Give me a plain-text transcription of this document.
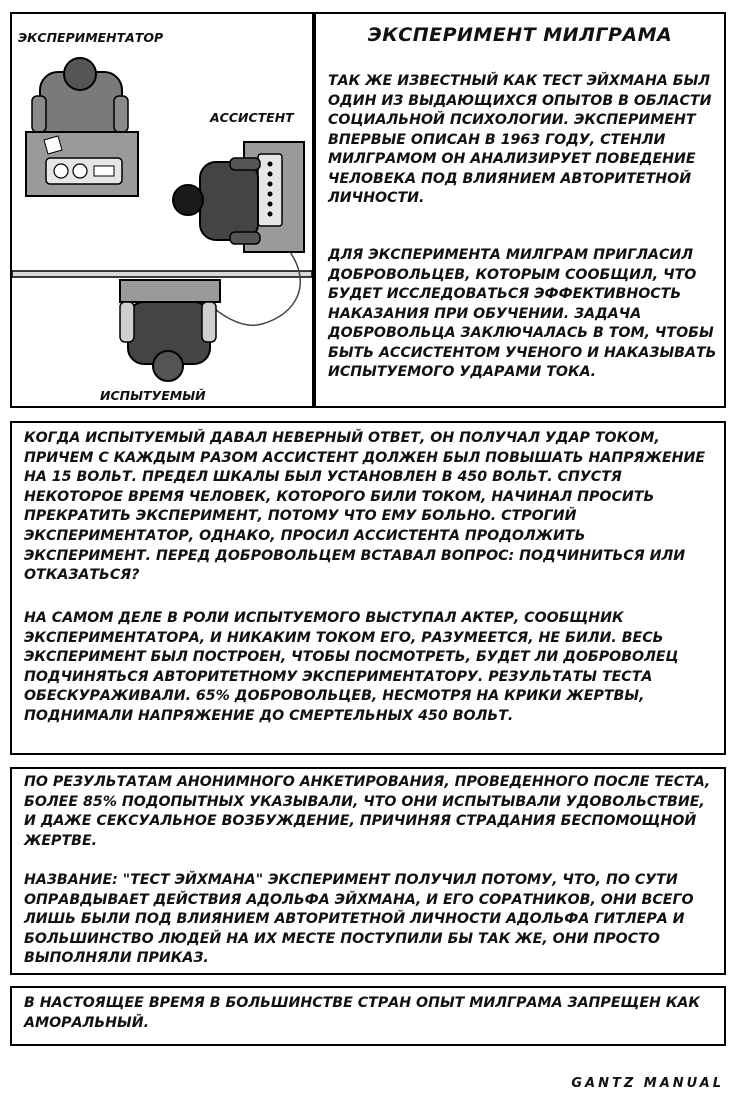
ЭКСПЕРИМЕНТАТОР
АССИСТЕНТ
ИСПЫТУЕМЫЙ
ЭКСПЕРИМЕНТ МИЛГРАМА

ТАК ЖЕ ИЗВЕСТНЫЙ КАК ТЕСТ ЭЙХМАНА БЫЛ ОДИН ИЗ ВЫДАЮЩИХСЯ ОПЫТОВ В ОБЛАСТИ СОЦИАЛЬНОЙ ПСИХОЛОГИИ. ЭКСПЕРИМЕНТ ВПЕРВЫЕ ОПИСАН В 1963 ГОДУ, СТЕНЛИ МИЛГРАМОМ ОН АНАЛИЗИРУЕТ ПОВЕДЕНИЕ ЧЕЛОВЕКА ПОД ВЛИЯНИЕМ АВТОРИТЕТНОЙ ЛИЧНОСТИ.

ДЛЯ ЭКСПЕРИМЕНТА МИЛГРАМ ПРИГЛАСИЛ ДОБРОВОЛЬЦЕВ, КОТОРЫМ СООБЩИЛ, ЧТО БУДЕТ ИССЛЕДОВАТЬСЯ ЭФФЕКТИВНОСТЬ НАКАЗАНИЯ ПРИ ОБУЧЕНИИ. ЗАДАЧА ДОБРОВОЛЬЦА ЗАКЛЮЧАЛАСЬ В ТОМ, ЧТОБЫ БЫТЬ АССИСТЕНТОМ УЧЕНОГО И НАКАЗЫВАТЬ ИСПЫТУЕМОГО УДАРАМИ ТОКА.

КОГДА ИСПЫТУЕМЫЙ ДАВАЛ НЕВЕРНЫЙ ОТВЕТ, ОН ПОЛУЧАЛ УДАР ТОКОМ, ПРИЧЕМ С КАЖДЫМ РАЗОМ АССИСТЕНТ ДОЛЖЕН БЫЛ ПОВЫШАТЬ НАПРЯЖЕНИЕ НА 15 ВОЛЬТ. ПРЕДЕЛ ШКАЛЫ БЫЛ УСТАНОВЛЕН В 450 ВОЛЬТ. СПУСТЯ НЕКОТОРОЕ ВРЕМЯ ЧЕЛОВЕК, КОТОРОГО БИЛИ ТОКОМ, НАЧИНАЛ ПРОСИТЬ ПРЕКРАТИТЬ ЭКСПЕРИМЕНТ, ПОТОМУ ЧТО ЕМУ БОЛЬНО. СТРОГИЙ ЭКСПЕРИМЕНТАТОР, ОДНАКО, ПРОСИЛ АССИСТЕНТА ПРОДОЛЖИТЬ ЭКСПЕРИМЕНТ. ПЕРЕД ДОБРОВОЛЬЦЕМ ВСТАВАЛ ВОПРОС: ПОДЧИНИТЬСЯ ИЛИ ОТКАЗАТЬСЯ?

НА САМОМ ДЕЛЕ В РОЛИ ИСПЫТУЕМОГО ВЫСТУПАЛ АКТЕР, СООБЩНИК ЭКСПЕРИМЕНТАТОРА, И НИКАКИМ ТОКОМ ЕГО, РАЗУМЕЕТСЯ, НЕ БИЛИ. ВЕСЬ ЭКСПЕРИМЕНТ БЫЛ ПОСТРОЕН, ЧТОБЫ ПОСМОТРЕТЬ, БУДЕТ ЛИ ДОБРОВОЛЕЦ ПОДЧИНЯТЬСЯ АВТОРИТЕТНОМУ ЭКСПЕРИМЕНТАТОРУ. РЕЗУЛЬТАТЫ ТЕСТА ОБЕСКУРАЖИВАЛИ. 65% ДОБРОВОЛЬЦЕВ, НЕСМОТРЯ НА КРИКИ ЖЕРТВЫ, ПОДНИМАЛИ НАПРЯЖЕНИЕ ДО СМЕРТЕЛЬНЫХ 450 ВОЛЬТ.

ПО РЕЗУЛЬТАТАМ АНОНИМНОГО АНКЕТИРОВАНИЯ, ПРОВЕДЕННОГО ПОСЛЕ ТЕСТА, БОЛЕЕ 85% ПОДОПЫТНЫХ УКАЗЫВАЛИ, ЧТО ОНИ ИСПЫТЫВАЛИ УДОВОЛЬСТВИЕ, И ДАЖЕ СЕКСУАЛЬНОЕ ВОЗБУЖДЕНИЕ, ПРИЧИНЯЯ СТРАДАНИЯ БЕСПОМОЩНОЙ ЖЕРТВЕ.

НАЗВАНИЕ: "ТЕСТ ЭЙХМАНА" ЭКСПЕРИМЕНТ ПОЛУЧИЛ ПОТОМУ, ЧТО, ПО СУТИ ОПРАВДЫВАЕТ ДЕЙСТВИЯ АДОЛЬФА ЭЙХМАНА, И ЕГО СОРАТНИКОВ, ОНИ ВСЕГО ЛИШЬ БЫЛИ ПОД ВЛИЯНИЕМ АВТОРИТЕТНОЙ ЛИЧНОСТИ АДОЛЬФА ГИТЛЕРА И БОЛЬШИНСТВО ЛЮДЕЙ НА ИХ МЕСТЕ ПОСТУПИЛИ БЫ ТАК ЖЕ, ОНИ ПРОСТО ВЫПОЛНЯЛИ ПРИКАЗ.

В НАСТОЯЩЕЕ ВРЕМЯ В БОЛЬШИНСТВЕ СТРАН ОПЫТ МИЛГРАМА ЗАПРЕЩЕН КАК АМОРАЛЬНЫЙ.

GANTZ MANUAL
